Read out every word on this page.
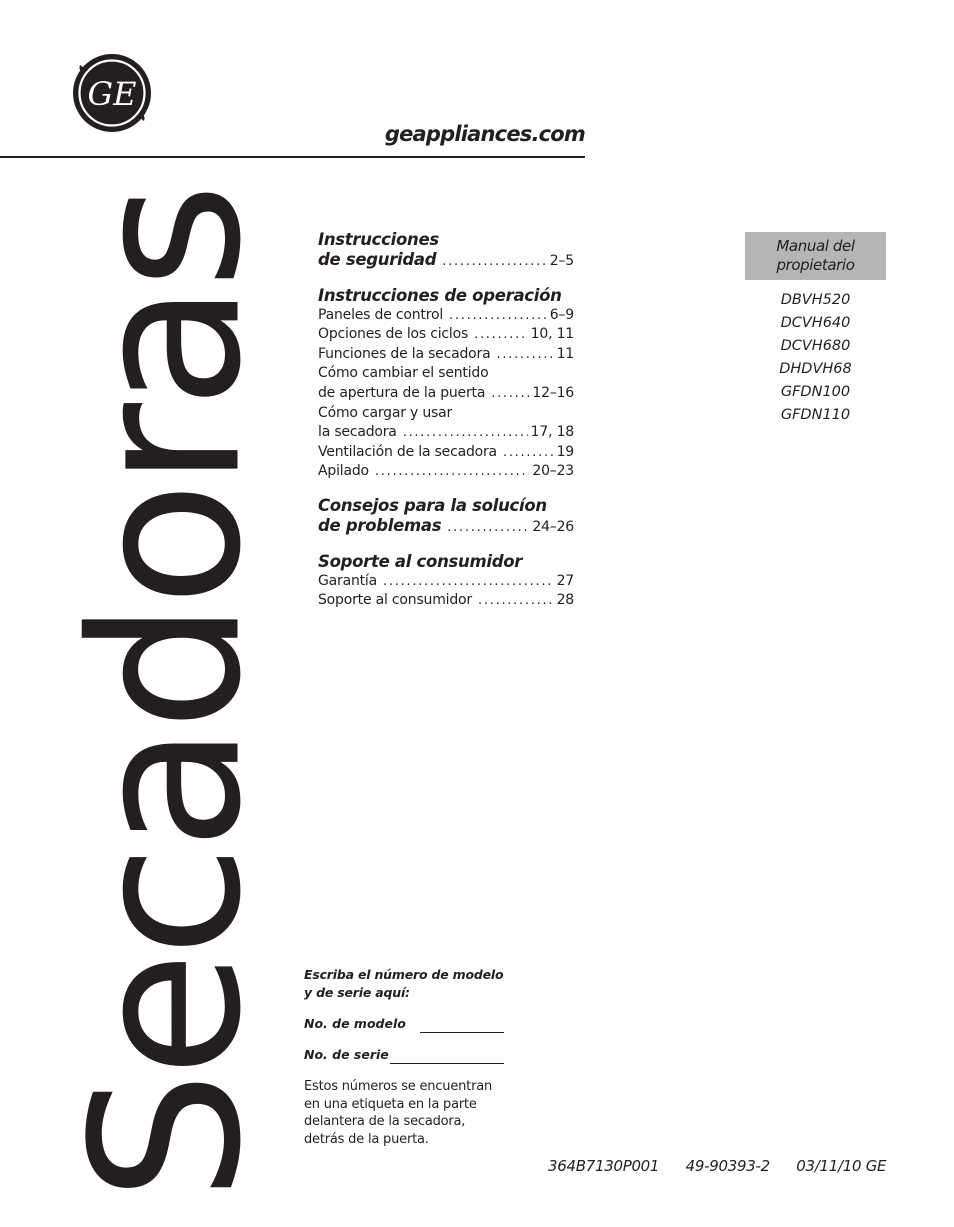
GE
geappliances.com
Secadoras Instrucciones
de seguridad . . .	2–5
Instrucciones de operación
Paneles de control . . .	6–9
Opciones de los ciclos . . .	10, 11
Funciones de la secadora . . .	11
Cómo cambiar el sentido
de apertura de la puerta . . .	12–16
Cómo cargar y usar
la secadora . . .	17, 18
Ventilación de la secadora . . .	19
Apilado . . .	20–23
Consejos para la solucíon
de problemas . . .	24–26
Soporte al consumidor
Garantía . . .	27
Soporte al consumidor . . .	28
Manual del
propietario
DBVH520
DCVH640
DCVH680
DHDVH68
GFDN100
GFDN110
Escriba el número de modelo
y de serie aquí:
No. de modelo
No. de serie
Estos números se encuentran
en una etiqueta en la parte
delantera de la secadora,
detrás de la puerta.
364B7130P001 49-90393-2 03/11/10 GE
